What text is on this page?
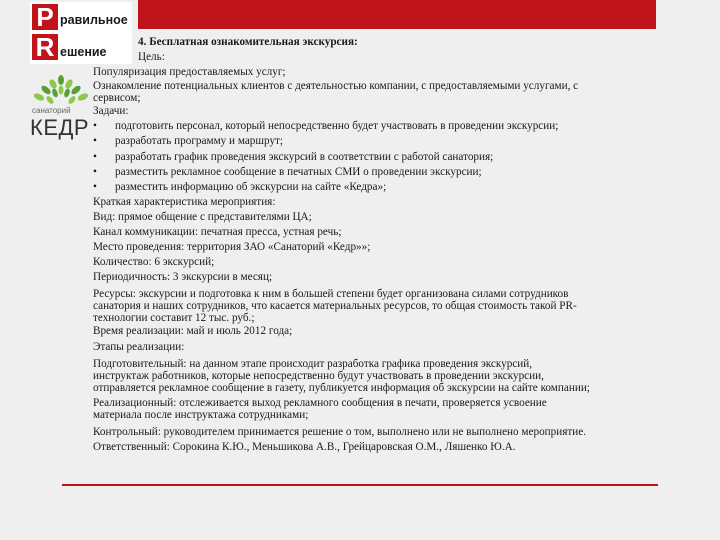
P равильное
R ешение
санаторий
КЕДР
4. Бесплатная ознакомительная экскурсия:
Цель:
Популяризация предоставляемых услуг;
Ознакомление потенциальных клиентов с деятельностью компании, с предоставляемыми услугами, с
сервисом;
Задачи:
• подготовить персонал, который непосредственно будет участвовать в проведении экскурсии;
• разработать программу и маршрут;
• разработать график проведения экскурсий в соответствии с работой санатория;
• разместить рекламное сообщение в печатных СМИ о проведении экскурсии;
• разместить информацию об экскурсии на сайте «Кедра»;
Краткая характеристика мероприятия:
Вид: прямое общение с представителями ЦА;
Канал коммуникации: печатная пресса, устная речь;
Место проведения: территория ЗАО «Санаторий «Кедр»»;
Количество: 6 экскурсий;
Периодичность: 3 экскурсии в месяц;
Ресурсы: экскурсии и подготовка к ним в большей степени будет организована силами сотрудников
санатория и наших сотрудников, что касается материальных ресурсов, то общая стоимость такой PR-
технологии составит 12 тыс. руб.;
Время реализации: май и июль 2012 года;
Этапы реализации:
Подготовительный: на данном этапе происходит разработка графика проведения экскурсий,
инструктаж работников, которые непосредственно будут участвовать в проведении экскурсии,
отправляется рекламное сообщение в газету, публикуется информация об экскурсии на сайте компании;
Реализационный: отслеживается выход рекламного сообщения в печати, проверяется усвоение
материала после инструктажа сотрудниками;
Контрольный: руководителем принимается решение о том, выполнено или не выполнено мероприятие.
Ответственный: Сорокина К.Ю., Меньшикова А.В., Грейцаровская О.М., Ляшенко Ю.А.
